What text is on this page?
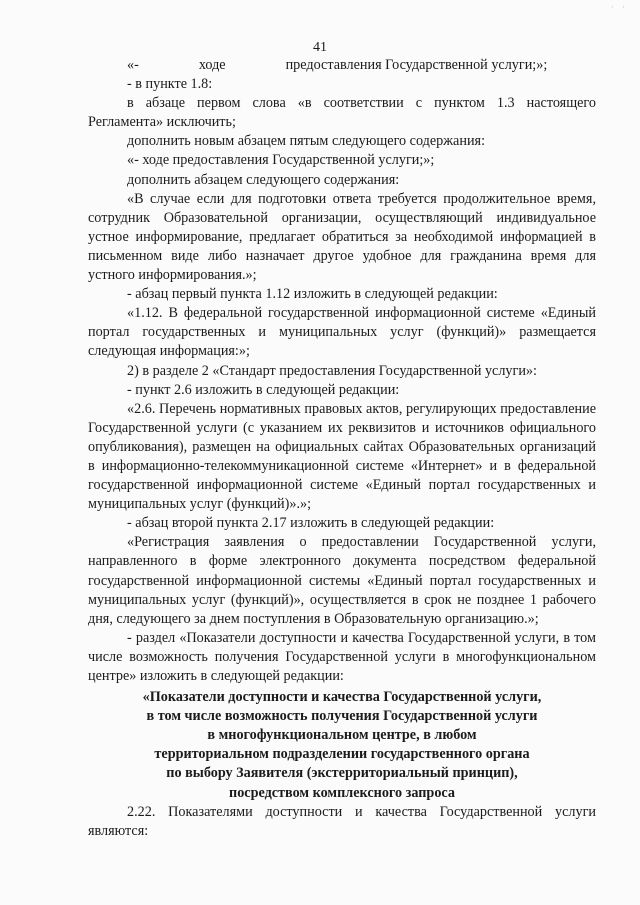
· ·
41

«-	ходе	предоставления Государственной услуги;»;

- в пункте 1.8:

в абзаце первом слова «в соответствии с пунктом 1.3 настоящего Регламента» исключить;

дополнить новым абзацем пятым следующего содержания:

«- ходе предоставления Государственной услуги;»;

дополнить абзацем следующего содержания:

«В случае если для подготовки ответа требуется продолжительное время, сотрудник Образовательной организации, осуществляющий индивидуальное устное информирование, предлагает обратиться за необходимой информацией в письменном виде либо назначает другое удобное для гражданина время для устного информирования.»;

- абзац первый пункта 1.12 изложить в следующей редакции:

«1.12. В федеральной государственной информационной системе «Единый портал государственных и муниципальных услуг (функций)» размещается следующая информация:»;

2) в разделе 2 «Стандарт предоставления Государственной услуги»:

- пункт 2.6 изложить в следующей редакции:

«2.6. Перечень нормативных правовых актов, регулирующих предоставление Государственной услуги (с указанием их реквизитов и источников официального опубликования), размещен на официальных сайтах Образовательных организаций в информационно-телекоммуникационной системе «Интернет» и в федеральной государственной информационной системе «Единый портал государственных и муниципальных услуг (функций)».»;

- абзац второй пункта 2.17 изложить в следующей редакции:

«Регистрация заявления о предоставлении Государственной услуги, направленного в форме электронного документа посредством федеральной государственной информационной системы «Единый портал государственных и муниципальных услуг (функций)», осуществляется в срок не позднее 1 рабочего дня, следующего за днем поступления в Образовательную организацию.»;

- раздел «Показатели доступности и качества Государственной услуги, в том числе возможность получения Государственной услуги в многофункциональном центре» изложить в следующей редакции:

«Показатели доступности и качества Государственной услуги,
в том числе возможность получения Государственной услуги
в многофункциональном центре, в любом
территориальном подразделении государственного органа
по выбору Заявителя (экстерриториальный принцип),
посредством комплексного запроса

2.22. Показателями доступности и качества Государственной услуги являются:
